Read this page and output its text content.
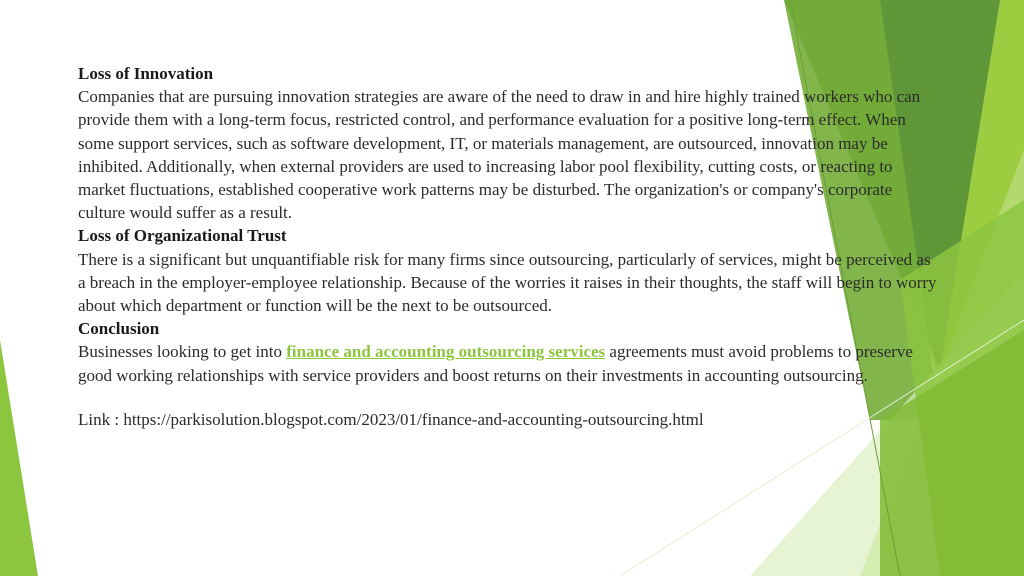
Loss of Innovation

Companies that are pursuing innovation strategies are aware of the need to draw in and hire highly trained workers who can provide them with a long-term focus, restricted control, and performance evaluation for a positive long-term effect. When some support services, such as software development, IT, or materials management, are outsourced, innovation may be inhibited. Additionally, when external providers are used to increasing labor pool flexibility, cutting costs, or reacting to market fluctuations, established cooperative work patterns may be disturbed. The organization's or company's corporate culture would suffer as a result.

Loss of Organizational Trust

There is a significant but unquantifiable risk for many firms since outsourcing, particularly of services, might be perceived as a breach in the employer-employee relationship. Because of the worries it raises in their thoughts, the staff will begin to worry about which department or function will be the next to be outsourced.

Conclusion

Businesses looking to get into finance and accounting outsourcing services agreements must avoid problems to preserve good working relationships with service providers and boost returns on their investments in accounting outsourcing.

Link : https://parkisolution.blogspot.com/2023/01/finance-and-accounting-outsourcing.html
